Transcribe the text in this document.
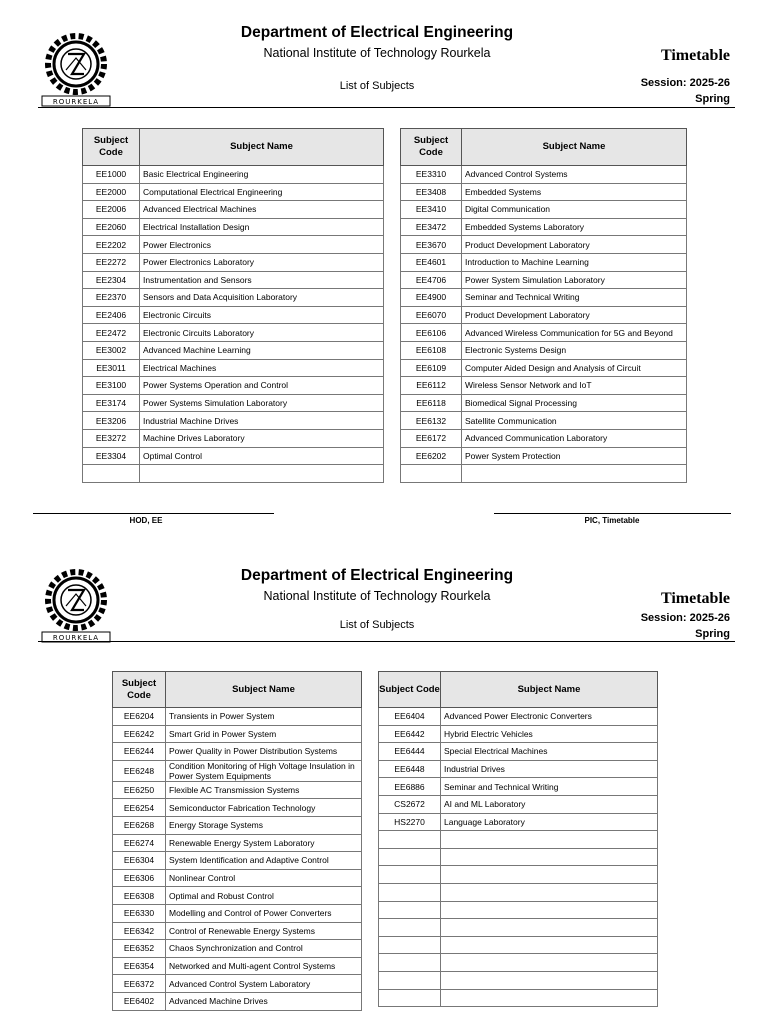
ROURKELA
Department of Electrical Engineering
National Institute of Technology Rourkela
List of Subjects
Timetable
Session: 2025-26
Spring
Subject Code	Subject Name
EE1000	Basic Electrical Engineering
EE2000	Computational Electrical Engineering
EE2006	Advanced Electrical Machines
EE2060	Electrical Installation Design
EE2202	Power Electronics
EE2272	Power Electronics Laboratory
EE2304	Instrumentation and Sensors
EE2370	Sensors and Data Acquisition Laboratory
EE2406	Electronic Circuits
EE2472	Electronic Circuits Laboratory
EE3002	Advanced Machine Learning
EE3011	Electrical Machines
EE3100	Power Systems Operation and Control
EE3174	Power Systems Simulation Laboratory
EE3206	Industrial Machine Drives
EE3272	Machine Drives Laboratory
EE3304	Optimal Control

Subject Code	Subject Name
EE3310	Advanced Control Systems
EE3408	Embedded Systems
EE3410	Digital Communication
EE3472	Embedded Systems Laboratory
EE3670	Product Development Laboratory
EE4601	Introduction to Machine Learning
EE4706	Power System Simulation Laboratory
EE4900	Seminar and Technical Writing
EE6070	Product Development Laboratory
EE6106	Advanced Wireless Communication for 5G and Beyond
EE6108	Electronic Systems Design
EE6109	Computer Aided Design and Analysis of Circuit
EE6112	Wireless Sensor Network and IoT
EE6118	Biomedical Signal Processing
EE6132	Satellite Communication
EE6172	Advanced Communication Laboratory
EE6202	Power System Protection

HOD, EE	PIC, Timetable
ROURKELA
Department of Electrical Engineering
National Institute of Technology Rourkela
List of Subjects
Timetable
Session: 2025-26
Spring
Subject Code	Subject Name
EE6204	Transients in Power System
EE6242	Smart Grid in Power System
EE6244	Power Quality in Power Distribution Systems
EE6248	Condition Monitoring of High Voltage Insulation in Power System Equipments
EE6250	Flexible AC Transmission Systems
EE6254	Semiconductor Fabrication Technology
EE6268	Energy Storage Systems
EE6274	Renewable Energy System Laboratory
EE6304	System Identification and Adaptive Control
EE6306	Nonlinear Control
EE6308	Optimal and Robust Control
EE6330	Modelling and Control of Power Converters
EE6342	Control of Renewable Energy Systems
EE6352	Chaos Synchronization and Control
EE6354	Networked and Multi-agent Control Systems
EE6372	Advanced Control System Laboratory
EE6402	Advanced Machine Drives
Subject Code	Subject Name
EE6404	Advanced Power Electronic Converters
EE6442	Hybrid Electric Vehicles
EE6444	Special Electrical Machines
EE6448	Industrial Drives
EE6886	Seminar and Technical Writing
CS2672	AI and ML Laboratory
HS2270	Language Laboratory
